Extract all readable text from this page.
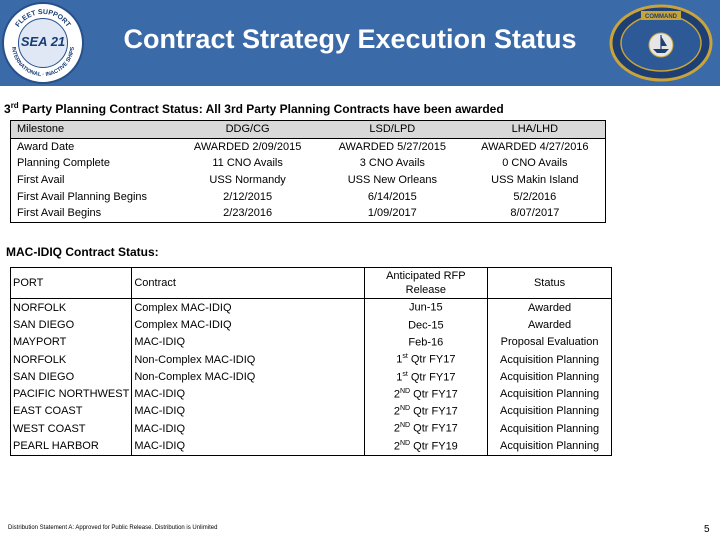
FLEET SUPPORT
INTERNATIONAL · INACTIVE SHIPS
SEA 21	Contract Strategy Execution Status
COMMAND
3rd Party Planning Contract Status: All 3rd Party Planning Contracts have been awarded
Milestone	DDG/CG	LSD/LPD	LHA/LHD
Award Date	AWARDED 2/09/2015	AWARDED 5/27/2015	AWARDED 4/27/2016
Planning Complete	11 CNO Avails	3 CNO Avails	0 CNO Avails
First Avail	USS Normandy	USS New Orleans	USS Makin Island
First Avail Planning Begins	2/12/2015	6/14/2015	5/2/2016
First Avail Begins	2/23/2016	1/09/2017	8/07/2017
MAC-IDIQ Contract Status:
PORT	Contract	Anticipated RFP Release	Status
NORFOLK	Complex MAC-IDIQ	Jun-15	Awarded
SAN DIEGO	Complex MAC-IDIQ	Dec-15	Awarded
MAYPORT	MAC-IDIQ	Feb-16	Proposal Evaluation
NORFOLK	Non-Complex MAC-IDIQ	1st Qtr FY17	Acquisition Planning
SAN DIEGO	Non-Complex MAC-IDIQ	1st Qtr FY17	Acquisition Planning
PACIFIC NORTHWEST	MAC-IDIQ	2ND Qtr FY17	Acquisition Planning
EAST COAST	MAC-IDIQ	2ND Qtr FY17	Acquisition Planning
WEST COAST	MAC-IDIQ	2ND Qtr FY17	Acquisition Planning
PEARL HARBOR	MAC-IDIQ	2ND Qtr FY19	Acquisition Planning
Distribution Statement A: Approved for Public Release. Distribution is Unlimited	5
